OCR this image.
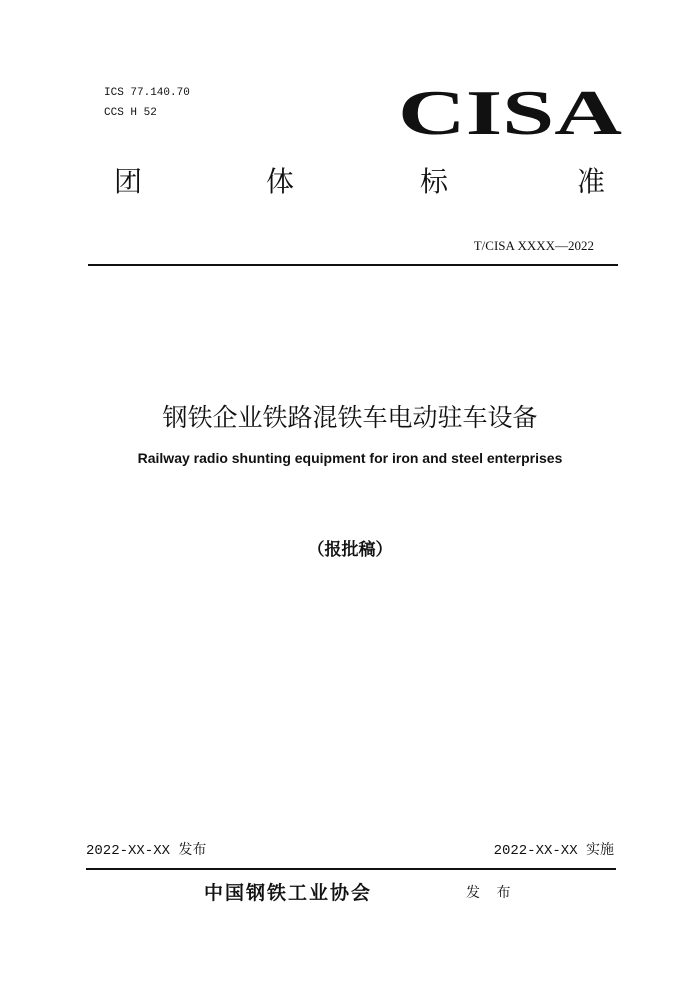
ICS 77.140.70
CCS H 52	CISA
团	体	标	准
T/CISA XXXX—2022
钢铁企业铁路混铁车电动驻车设备
Railway radio shunting equipment for iron and steel enterprises
（报批稿）
2022-XX-XX 发布	2022-XX-XX 实施
中国钢铁工业协会	发 布
